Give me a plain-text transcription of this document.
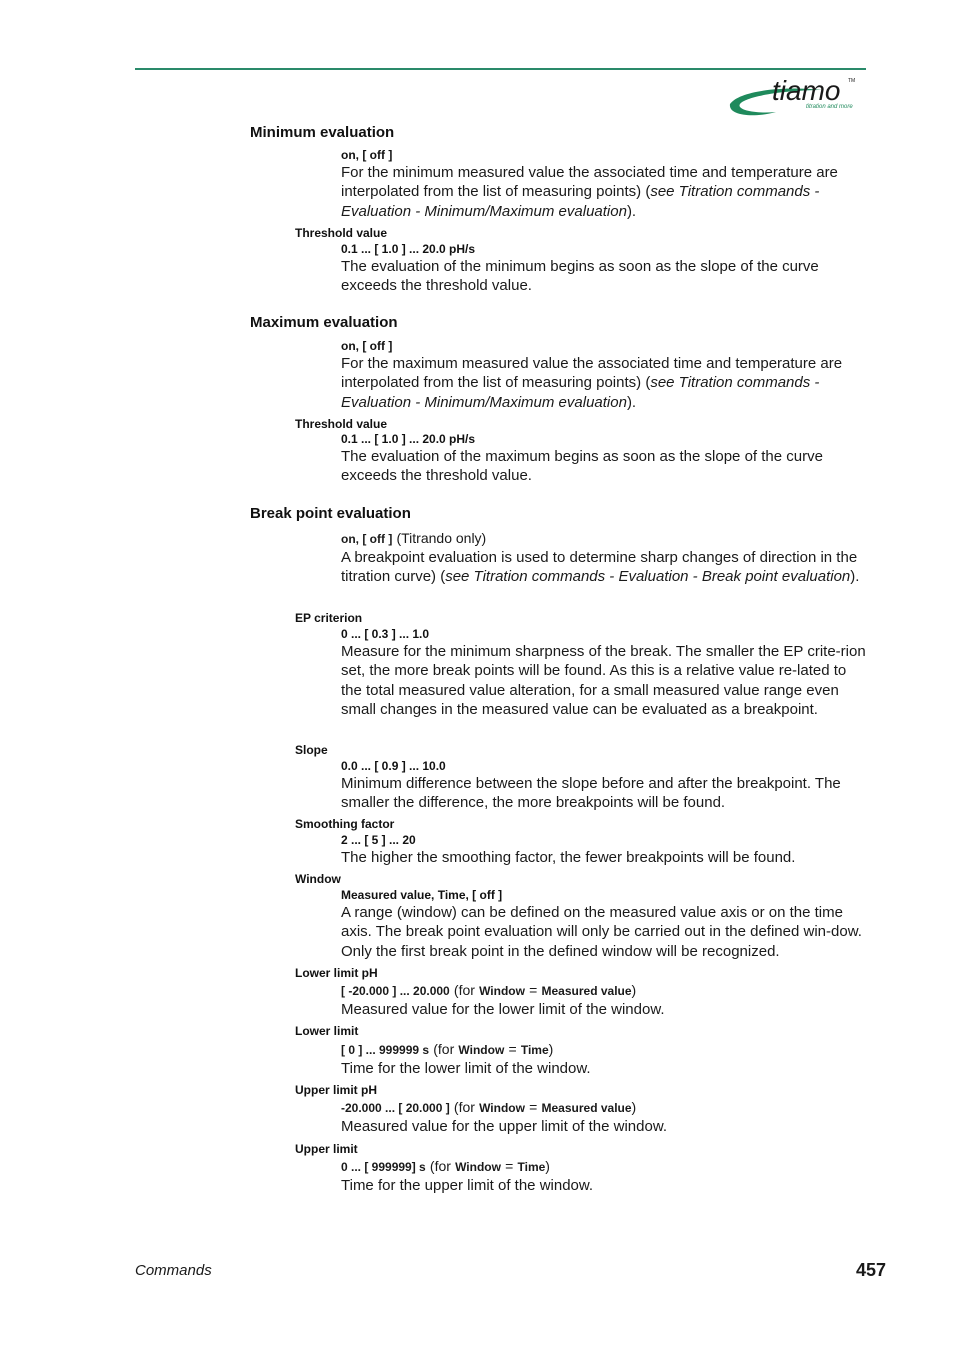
tiamo TM
titration and more
Minimum evaluation
on, [ off ]
For the minimum measured value the associated time and temperature are interpolated from the list of measuring points) (see Titration commands - Evaluation - Minimum/Maximum evaluation).
Threshold value
0.1 ... [ 1.0 ] ... 20.0 pH/s
The evaluation of the minimum begins as soon as the slope of the curve exceeds the threshold value.
Maximum evaluation
on, [ off ]
For the maximum measured value the associated time and temperature are interpolated from the list of measuring points) (see Titration commands - Evaluation - Minimum/Maximum evaluation).
Threshold value
0.1 ... [ 1.0 ] ... 20.0 pH/s
The evaluation of the maximum begins as soon as the slope of the curve exceeds the threshold value.
Break point evaluation
on, [ off ] (Titrando only)
A breakpoint evaluation is used to determine sharp changes of direction in the titration curve) (see Titration commands - Evaluation - Break point evaluation).
EP criterion
0 ... [ 0.3 ] ... 1.0
Measure for the minimum sharpness of the break. The smaller the EP crite-rion set, the more break points will be found. As this is a relative value re-lated to the total measured value alteration, for a small measured value range even small changes in the measured value can be evaluated as a breakpoint.
Slope
0.0 ... [ 0.9 ] ... 10.0
Minimum difference between the slope before and after the breakpoint. The smaller the difference, the more breakpoints will be found.
Smoothing factor
2 ... [ 5 ] ... 20
The higher the smoothing factor, the fewer breakpoints will be found.
Window
Measured value, Time, [ off ]
A range (window) can be defined on the measured value axis or on the time axis. The break point evaluation will only be carried out in the defined win-dow. Only the first break point in the defined window will be recognized.
Lower limit pH
[ -20.000 ] ... 20.000 (for Window = Measured value)
Measured value for the lower limit of the window.
Lower limit
[ 0 ] ... 999999 s (for Window = Time)
Time for the lower limit of the window.
Upper limit pH
-20.000 ... [ 20.000 ] (for Window = Measured value)
Measured value for the upper limit of the window.
Upper limit
0 ... [ 999999] s (for Window = Time)
Time for the upper limit of the window.
Commands	457
